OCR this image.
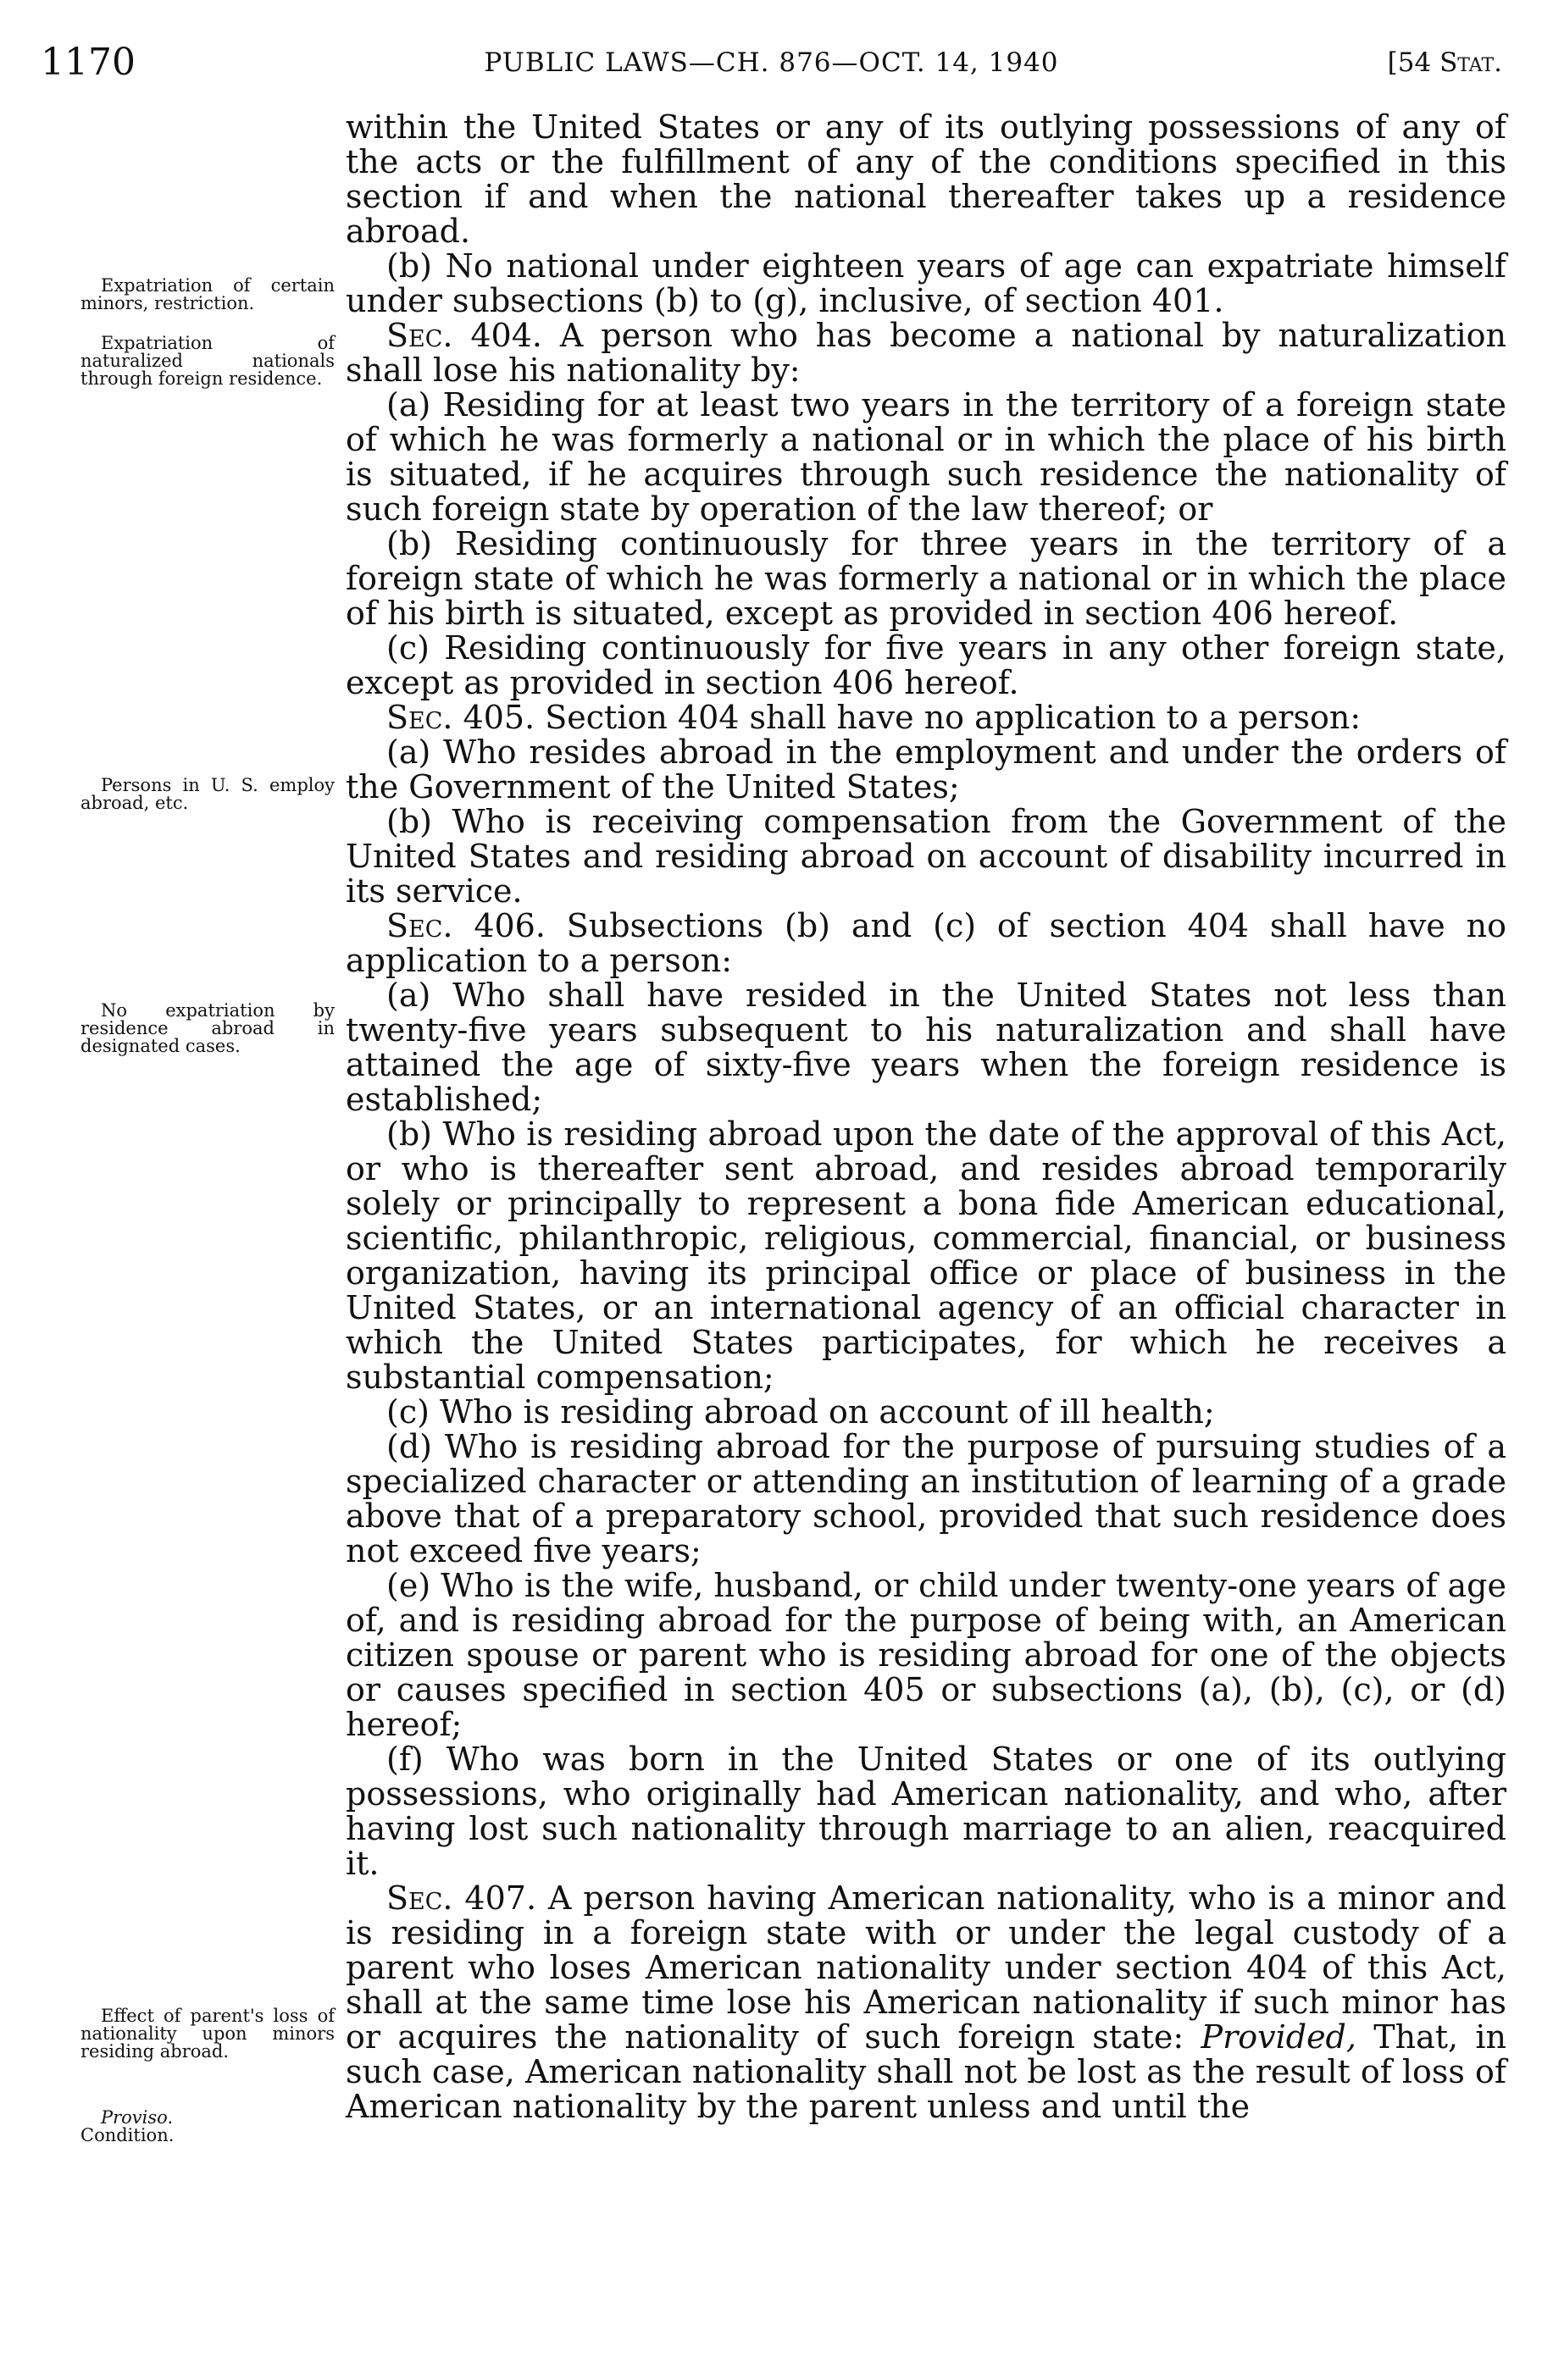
1170	PUBLIC LAWS—CH. 876—OCT. 14, 1940	[54 Stat.
Expatriation of certain minors, restriction.
Expatriation of naturalized nationals through foreign residence.
Persons in U. S. employ abroad, etc.
No expatriation by residence abroad in designated cases.
Effect of parent's loss of nationality upon minors residing abroad.
Proviso.
Condition.

within the United States or any of its outlying possessions of any of the acts or the fulfillment of any of the conditions specified in this section if and when the national thereafter takes up a residence abroad.

(b) No national under eighteen years of age can expatriate himself under subsections (b) to (g), inclusive, of section 401.

Sec. 404. A person who has become a national by naturalization shall lose his nationality by:

(a) Residing for at least two years in the territory of a foreign state of which he was formerly a national or in which the place of his birth is situated, if he acquires through such residence the nationality of such foreign state by operation of the law thereof; or

(b) Residing continuously for three years in the territory of a foreign state of which he was formerly a national or in which the place of his birth is situated, except as provided in section 406 hereof.

(c) Residing continuously for five years in any other foreign state, except as provided in section 406 hereof.

Sec. 405. Section 404 shall have no application to a person:

(a) Who resides abroad in the employment and under the orders of the Government of the United States;

(b) Who is receiving compensation from the Government of the United States and residing abroad on account of disability incurred in its service.

Sec. 406. Subsections (b) and (c) of section 404 shall have no application to a person:

(a) Who shall have resided in the United States not less than twenty-five years subsequent to his naturalization and shall have attained the age of sixty-five years when the foreign residence is established;

(b) Who is residing abroad upon the date of the approval of this Act, or who is thereafter sent abroad, and resides abroad temporarily solely or principally to represent a bona fide American educational, scientific, philanthropic, religious, commercial, financial, or business organization, having its principal office or place of business in the United States, or an international agency of an official character in which the United States participates, for which he receives a substantial compensation;

(c) Who is residing abroad on account of ill health;

(d) Who is residing abroad for the purpose of pursuing studies of a specialized character or attending an institution of learning of a grade above that of a preparatory school, provided that such residence does not exceed five years;

(e) Who is the wife, husband, or child under twenty-one years of age of, and is residing abroad for the purpose of being with, an American citizen spouse or parent who is residing abroad for one of the objects or causes specified in section 405 or subsections (a), (b), (c), or (d) hereof;

(f) Who was born in the United States or one of its outlying possessions, who originally had American nationality, and who, after having lost such nationality through marriage to an alien, reacquired it.

Sec. 407. A person having American nationality, who is a minor and is residing in a foreign state with or under the legal custody of a parent who loses American nationality under section 404 of this Act, shall at the same time lose his American nationality if such minor has or acquires the nationality of such foreign state: Provided, That, in such case, American nationality shall not be lost as the result of loss of American nationality by the parent unless and until the
